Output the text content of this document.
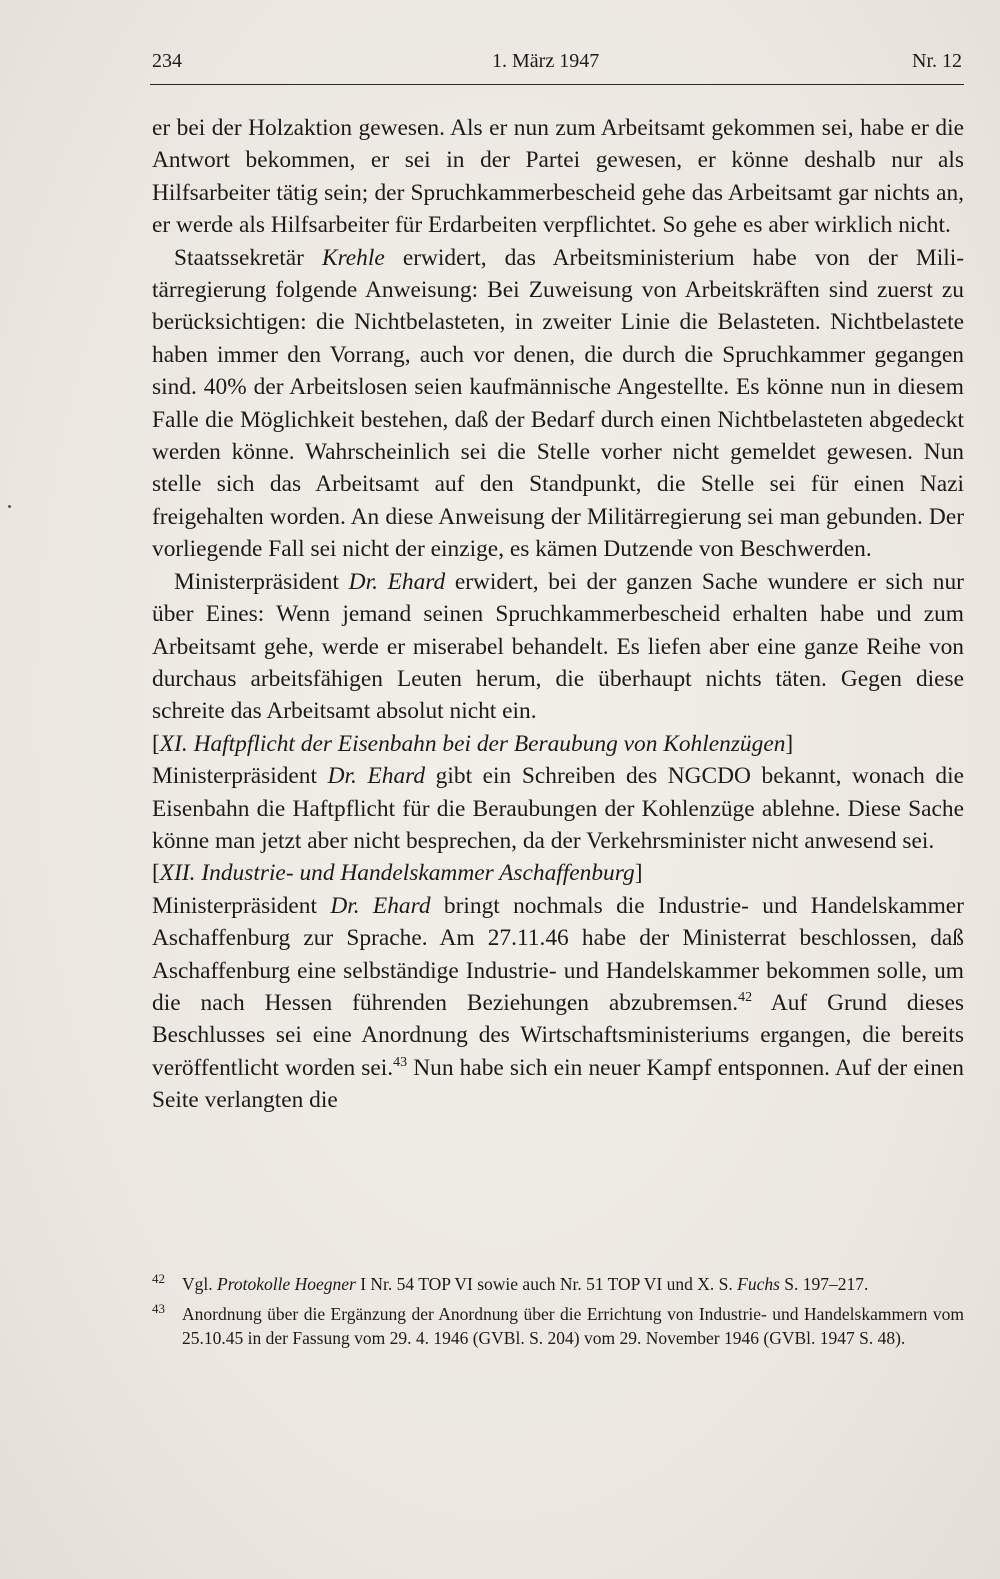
234	1. März 1947	Nr. 12

er bei der Holzaktion gewesen. Als er nun zum Arbeitsamt gekommen sei, habe er die Antwort bekommen, er sei in der Partei gewesen, er könne deshalb nur als Hilfsarbeiter tätig sein; der Spruchkammerbescheid gehe das Arbeitsamt gar nichts an, er werde als Hilfsarbeiter für Erdarbeiten verpflichtet. So gehe es aber wirklich nicht.

Staatssekretär Krehle erwidert, das Arbeitsministerium habe von der Militärregierung folgende Anweisung: Bei Zuweisung von Arbeitskräften sind zuerst zu berücksichtigen: die Nichtbelasteten, in zweiter Linie die Belasteten. Nichtbelastete haben immer den Vorrang, auch vor denen, die durch die Spruchkammer gegangen sind. 40% der Arbeitslosen seien kaufmännische Angestellte. Es könne nun in diesem Falle die Möglichkeit bestehen, daß der Bedarf durch einen Nichtbelasteten abgedeckt werden könne. Wahrscheinlich sei die Stelle vorher nicht gemeldet gewesen. Nun stelle sich das Arbeitsamt auf den Standpunkt, die Stelle sei für einen Nazi freigehalten worden. An diese Anweisung der Militärregierung sei man gebunden. Der vorliegende Fall sei nicht der einzige, es kämen Dutzende von Beschwerden.

Ministerpräsident Dr. Ehard erwidert, bei der ganzen Sache wundere er sich nur über Eines: Wenn jemand seinen Spruchkammerbescheid erhalten habe und zum Arbeitsamt gehe, werde er miserabel behandelt. Es liefen aber eine ganze Reihe von durchaus arbeitsfähigen Leuten herum, die überhaupt nichts täten. Gegen diese schreite das Arbeitsamt absolut nicht ein.

[XI. Haftpflicht der Eisenbahn bei der Beraubung von Kohlenzügen]

Ministerpräsident Dr. Ehard gibt ein Schreiben des NGCDO bekannt, wonach die Eisenbahn die Haftpflicht für die Beraubungen der Kohlenzüge ablehne. Diese Sache könne man jetzt aber nicht besprechen, da der Verkehrsminister nicht anwesend sei.

[XII. Industrie- und Handelskammer Aschaffenburg]

Ministerpräsident Dr. Ehard bringt nochmals die Industrie- und Handelskammer Aschaffenburg zur Sprache. Am 27.11.46 habe der Ministerrat beschlossen, daß Aschaffenburg eine selbständige Industrie- und Handelskammer bekommen solle, um die nach Hessen führenden Beziehungen abzubremsen.$^{42}$ Auf Grund dieses Beschlusses sei eine Anordnung des Wirtschaftsministeriums ergangen, die bereits veröffentlicht worden sei.$^{43}$ Nun habe sich ein neuer Kampf entsponnen. Auf der einen Seite verlangten die

42 Vgl. Protokolle Hoegner I Nr. 54 TOP VI sowie auch Nr. 51 TOP VI und X. S. Fuchs S. 197–217.
43 Anordnung über die Ergänzung der Anordnung über die Errichtung von Industrie- und Handelskammern vom 25.10.45 in der Fassung vom 29. 4. 1946 (GVBl. S. 204) vom 29. November 1946 (GVBl. 1947 S. 48).
